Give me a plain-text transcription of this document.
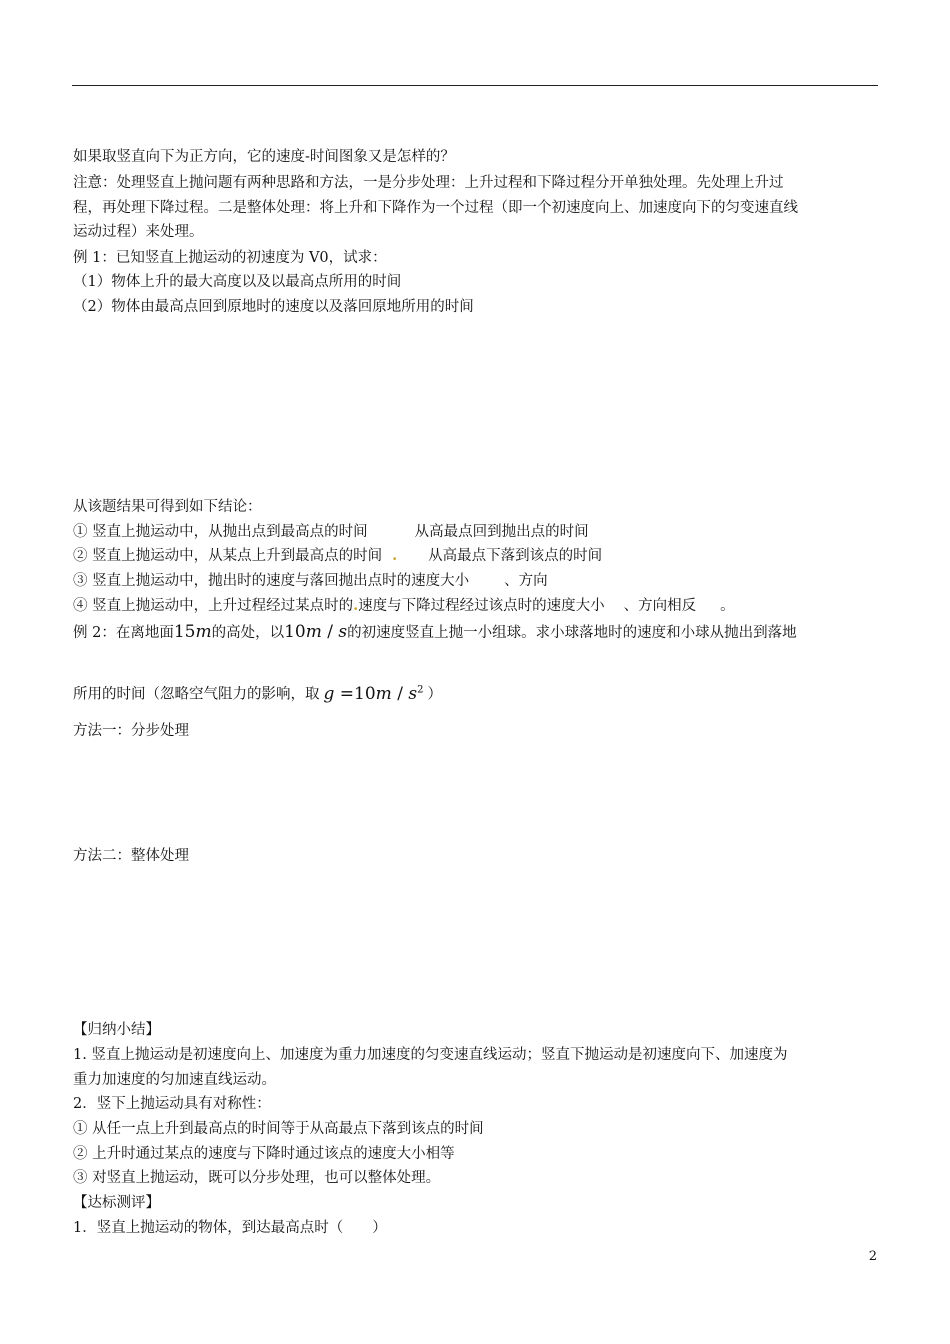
如果取竖直向下为正方向，它的速度-时间图象又是怎样的？
注意：处理竖直上抛问题有两种思路和方法，一是分步处理：上升过程和下降过程分开单独处理。先处理上升过
程，再处理下降过程。二是整体处理：将上升和下降作为一个过程（即一个初速度向上、加速度向下的匀变速直线
运动过程）来处理。
例 1：已知竖直上抛运动的初速度为 V0，试求：
（1）物体上升的最大高度以及以最高点所用的时间
（2）物体由最高点回到原地时的速度以及落回原地所用的时间
从该题结果可得到如下结论：
① 竖直上抛运动中，从抛出点到最高点的时间	从高最点回到抛出点的时间
② 竖直上抛运动中，从某点上升到最高点的时间 . 从高最点下落到该点的时间
③ 竖直上抛运动中，抛出时的速度与落回抛出点时的速度大小 、方向
④ 竖直上抛运动中，上升过程经过某点时的.速度与下降过程经过该点时的速度大小 、方向相反 。
例 2：在离地面15m的高处，以10m / s的初速度竖直上抛一小组球。求小球落地时的速度和小球从抛出到落地
所用的时间（忽略空气阻力的影响，取 $g =10m / s^2$ ）
方法一：分步处理
方法二：整体处理
【归纳小结】
1. 竖直上抛运动是初速度向上、加速度为重力加速度的匀变速直线运动；竖直下抛运动是初速度向下、加速度为
重力加速度的匀加速直线运动。
2．竖下上抛运动具有对称性：
① 从任一点上升到最高点的时间等于从高最点下落到该点的时间
② 上升时通过某点的速度与下降时通过该点的速度大小相等
③ 对竖直上抛运动，既可以分步处理，也可以整体处理。
【达标测评】
1．竖直上抛运动的物体，到达最高点时（　　）
2
